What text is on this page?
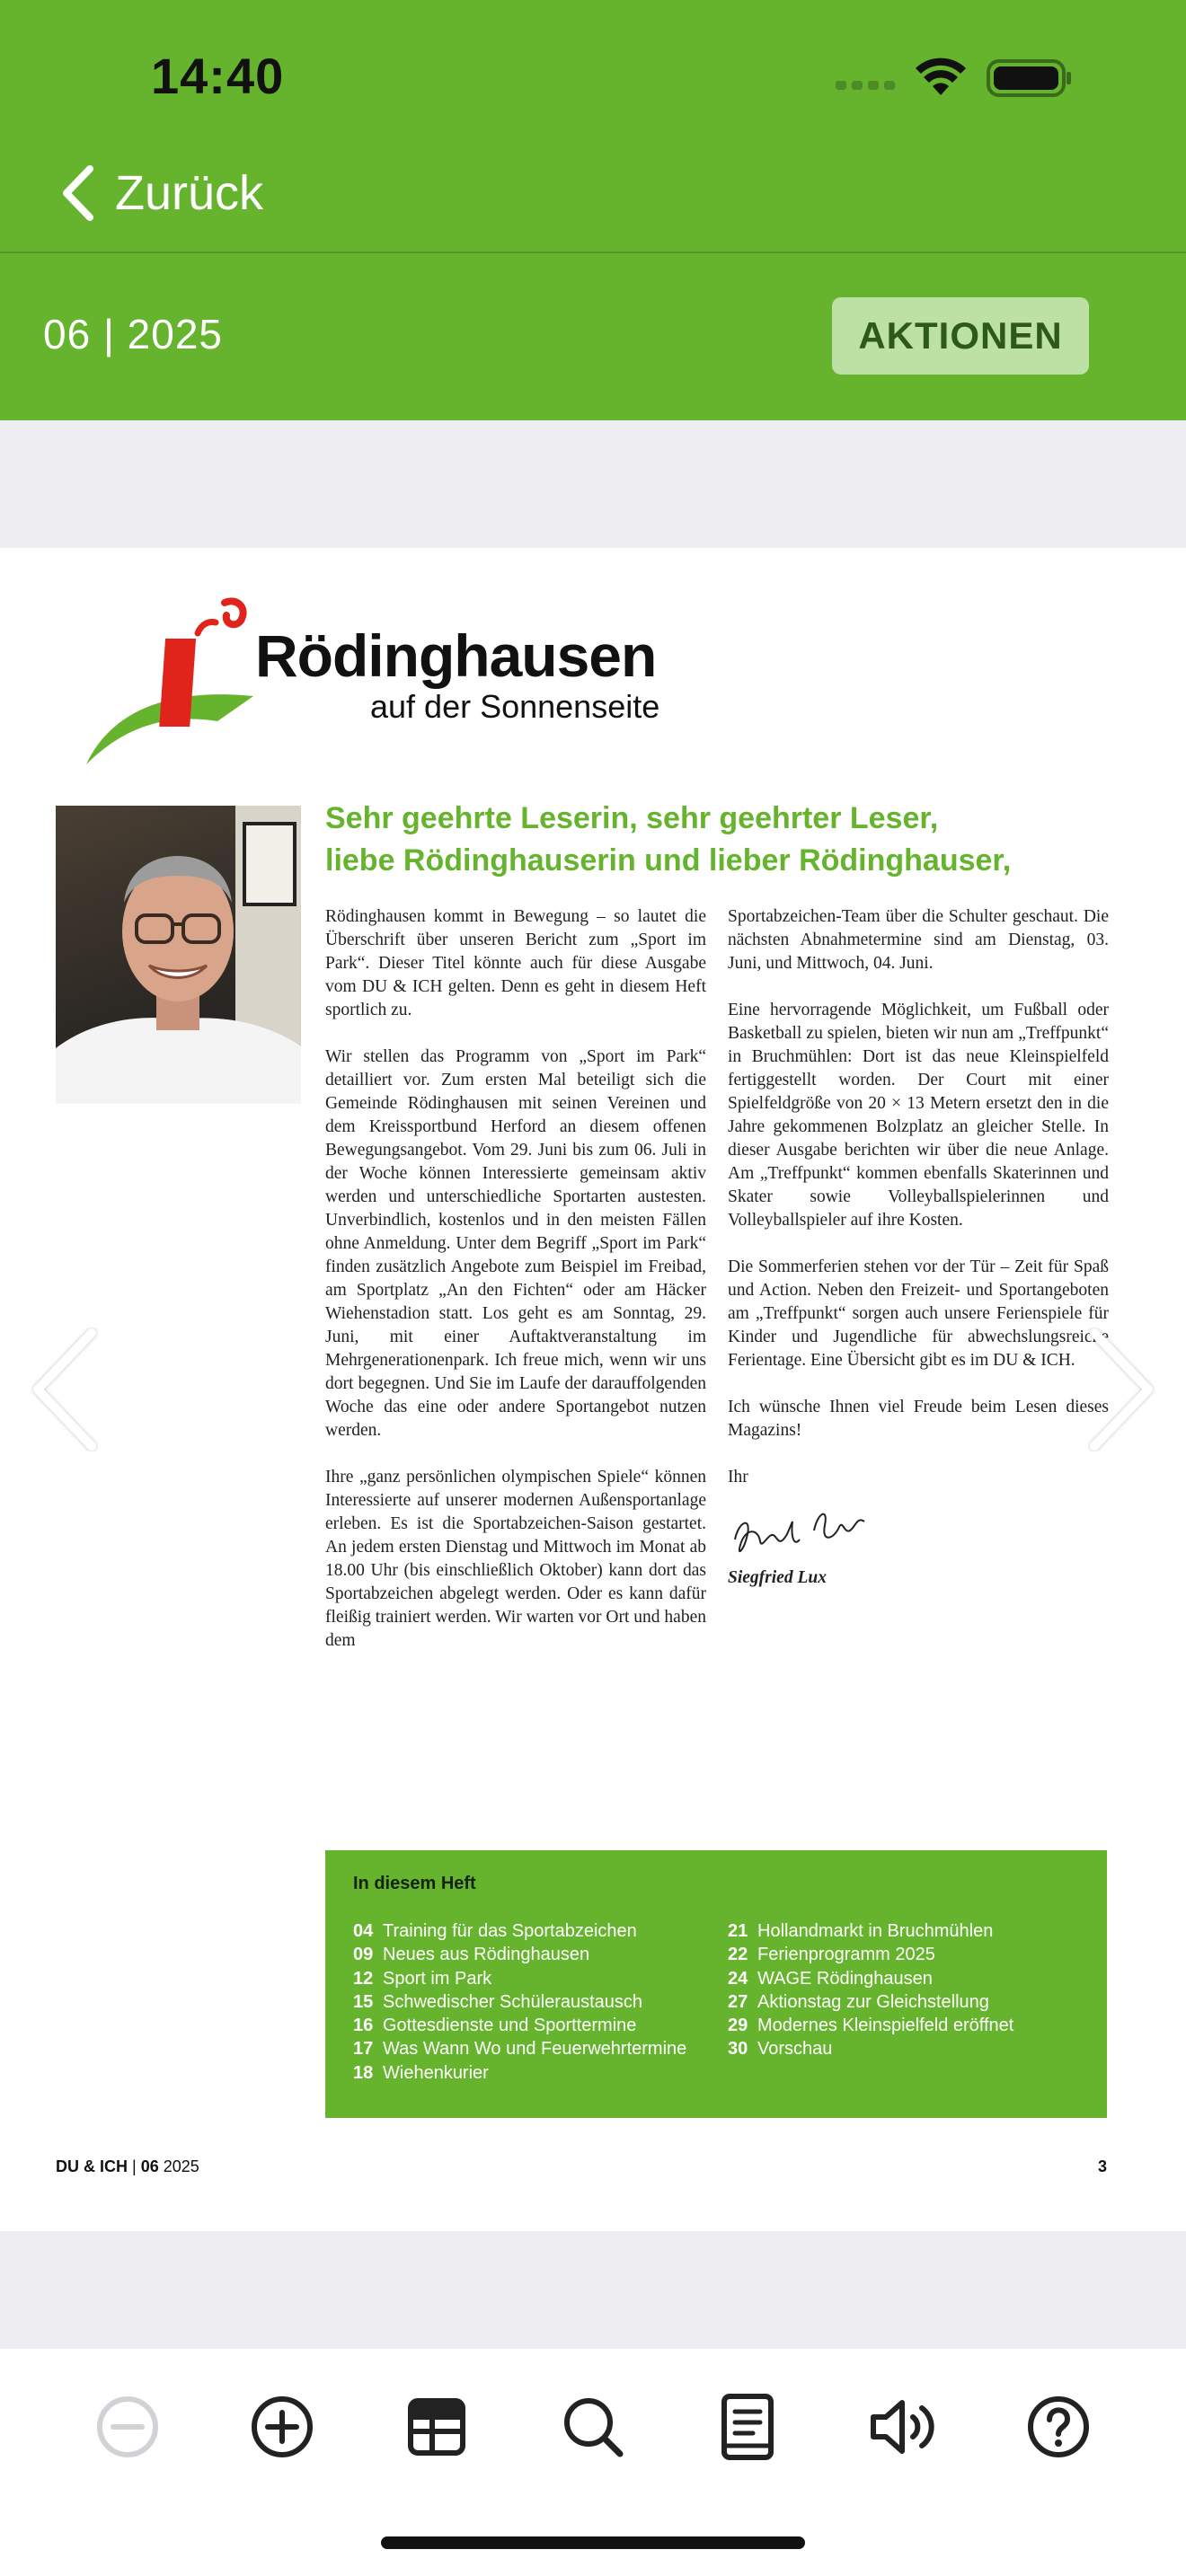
14:40
Zurück
06 | 2025	AKTIONEN
Rödinghausen
auf der Sonnenseite
Sehr geehrte Leserin, sehr geehrter Leser,
liebe Rödinghauserin und lieber Rödinghauser,

Rödinghausen kommt in Bewegung – so lautet die Überschrift über unseren Bericht zum „Sport im Park“. Dieser Titel könnte auch für diese Ausgabe vom DU & ICH gelten. Denn es geht in diesem Heft sportlich zu.

Wir stellen das Programm von „Sport im Park“ detailliert vor. Zum ersten Mal beteiligt sich die Gemeinde Rödinghausen mit seinen Vereinen und dem Kreissportbund Herford an diesem offenen Bewegungsangebot. Vom 29. Juni bis zum 06. Juli in der Woche können Interessierte gemeinsam aktiv werden und unterschiedliche Sportarten austesten. Unverbindlich, kostenlos und in den meisten Fällen ohne Anmeldung. Unter dem Begriff „Sport im Park“ finden zusätzlich Angebote zum Beispiel im Freibad, am Sportplatz „An den Fichten“ oder am Häcker Wiehenstadion statt. Los geht es am Sonntag, 29. Juni, mit einer Auftaktveranstaltung im Mehrgenerationenpark. Ich freue mich, wenn wir uns dort begegnen. Und Sie im Laufe der darauffolgenden Woche das eine oder andere Sportangebot nutzen werden.

Ihre „ganz persönlichen olympischen Spiele“ können Interessierte auf unserer modernen Außensportanlage erleben. Es ist die Sportabzeichen-Saison gestartet. An jedem ersten Dienstag und Mittwoch im Monat ab 18.00 Uhr (bis einschließlich Oktober) kann dort das Sportabzeichen abgelegt werden. Oder es kann dafür fleißig trainiert werden. Wir warten vor Ort und haben dem

Sportabzeichen-Team über die Schulter geschaut. Die nächsten Abnahmetermine sind am Dienstag, 03. Juni, und Mittwoch, 04. Juni.

Eine hervorragende Möglichkeit, um Fußball oder Basketball zu spielen, bieten wir nun am „Treffpunkt“ in Bruchmühlen: Dort ist das neue Kleinspielfeld fertiggestellt worden. Der Court mit einer Spielfeldgröße von 20 × 13 Metern ersetzt den in die Jahre gekommenen Bolzplatz an gleicher Stelle. In dieser Ausgabe berichten wir über die neue Anlage. Am „Treffpunkt“ kommen ebenfalls Skaterinnen und Skater sowie Volleyballspielerinnen und Volleyballspieler auf ihre Kosten.

Die Sommerferien stehen vor der Tür – Zeit für Spaß und Action. Neben den Freizeit- und Sportangeboten am „Treffpunkt“ sorgen auch unsere Ferienspiele für Kinder und Jugendliche für abwechslungsreiche Ferientage. Eine Übersicht gibt es im DU & ICH.

Ich wünsche Ihnen viel Freude beim Lesen dieses Magazins!

Ihr

Siegfried Lux
In diesem Heft
04 Training für das Sportabzeichen
09 Neues aus Rödinghausen
12 Sport im Park
15 Schwedischer Schüleraustausch
16 Gottesdienste und Sporttermine
17 Was Wann Wo und Feuerwehrtermine
18 Wiehenkurier
21 Hollandmarkt in Bruchmühlen
22 Ferienprogramm 2025
24 WAGE Rödinghausen
27 Aktionstag zur Gleichstellung
29 Modernes Kleinspielfeld eröffnet
30 Vorschau
DU & ICH | 06 2025	3
